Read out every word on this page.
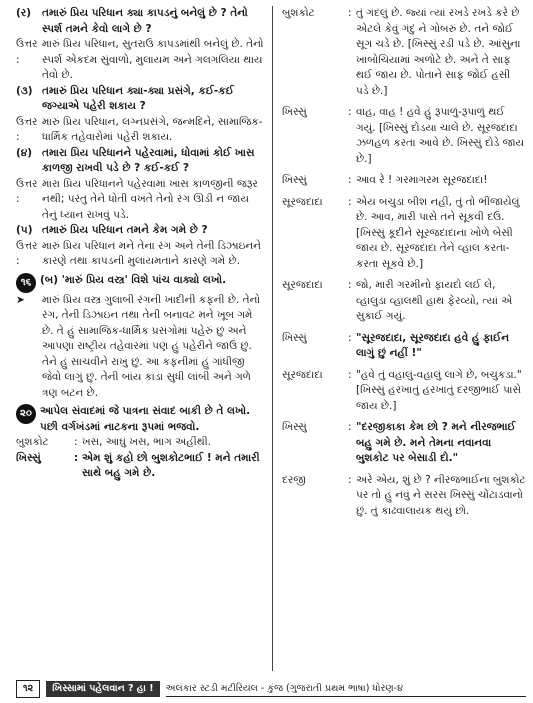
(ર)	તમારું પ્રિય પરિધાન ક્યા કાપડનું બનેલું છે ? તેનો સ્પર્શ તમને કેવો લાગે છે ?
ઉત્તર :
મારું પ્રિય પરિધાન, સુતરાઉ કાપડમાંથી બનેલું છે. તેનો સ્પર્શ એકદમ સુંવાળો, મુલાયમ અને ગલગલિયા થાય તેવો છે.
(૩) તમારું પ્રિય પરિધાન ક્યા-ક્યા પ્રસંગે, કઈ-કઈ જગ્યાએ પહેરી શકાય ?
ઉત્તર :
મારું પ્રિય પરિધાન, લગ્નપ્રસંગે, જન્મદિને, સામાજિક-ધાર્મિક તહેવારોમાં પહેરી શકાય.
(૪) તમારા પ્રિય પરિધાનને પહેરવામાં, ધોવામાં કોઈ ખાસ કાળજી રાખવી પડે છે ? કઈ-કઈ ?
ઉત્તર :
મારા પ્રિય પરિધાનને પહેરવામાં ખાસ કાળજીની જરૂર નથી; પરંતુ તેને ધોતી વખતે તેનો રંગ ઊડી ન જાય તેનું ધ્યાન રાખવું પડે.
(૫) તમારું પ્રિય પરિધાન તમને કેમ ગમે છે ?
ઉત્તર :
મારું પ્રિય પરિધાન મને તેના રંગ અને તેની ડિઝાઇનને કારણે તથા કાપડની મુલાયમતાને કારણે ગમે છે.
૧૬ (બ) 'મારું પ્રિય વસ્ત્ર' વિશે પાંચ વાક્યો લખો.
➤	મારું પ્રિય વસ્ત્ર ગુલાબી રંગની ખાદીની કફની છે. તેનો રંગ, તેની ડિઝાઇન તથા તેની બનાવટ મને ખૂબ ગમે છે. તે હું સામાજિક-ધાર્મિક પ્રસંગોમાં પહેરું છું અને આપણા રાષ્ટ્રીય તહેવારમાં પણ હું પહેરીને જાઉં છું. તેને હું સાચવીને રાખું છું. આ કફનીમાં હું ગાંધીજી જેવો લાગું છું. તેની બાંય કાંડા સુધી લાંબી અને ગળે ત્રણ બટન છે.
૨૦ આપેલ સંવાદમાં જે પાત્રના સંવાદ બાકી છે તે લખો. પછી વર્ગખંડમાં નાટકના રૂપમાં ભજવો.
બુશકોટ	: ખસ, આઘું ખસ, ભાગ અહીંથી.
ખિસ્સું	: એમ શું કહો છો બુશકોટભાઈ ! મને તમારી સાથે બહુ ગમે છે.
બુશકોટ	: તું ગંદલું છે. જ્યાં ત્યાં રખડે રખડે કરે છે એટલે કેવું ગંદું ને ગોબરું છે. તને જોઈ સૂગ ચડે છે. [ખિસ્સું રડી પડે છે. આંસુના ખાબોચિયામાં અળોટે છે. અને તે સાફ થઈ જાય છે. પોતાને સાફ જોઈ હસી પડે છે.]
ખિસ્સું	: વાહ, વાહ ! હવે હું રૂપાળું-રૂપાળું થઈ ગયું. [ખિસ્સું દોડયા ચાલે છે. સૂરજદાદા ઝળહળ કરતા આવે છે. ખિસ્સું દોડે જાય છે.]
ખિસ્સું	: આવ રે ! ગરમાગરમ સૂરજદાદા!
સૂરજદાદા	: એય બચુડા બીશ નહીં, તું તો ભીંજાયેલું છે. આવ, મારી પાસે તને સૂકવી દઉં. [ખિસ્સું કૂદીને સૂરજદાદાના ખોળે બેસી જાય છે. સૂરજદાદા તેને વ્હાલ કરતા-કરતા સૂકવે છે.]
સૂરજદાદા	: જો, મારી ગરમીનો ફાયદો લઈ લે, વ્હાલુડા વ્હાલથી હાથ ફેરવ્યો, ત્યાં એ સુકાઈ ગયું.
ખિસ્સું	: "સૂરજદાદા, સૂરજદાદા હવે હું ફાઈન લાગું છું નહીં !"
સૂરજદાદા	: "હવે તું વહાલું-વહાલું લાગે છે, બચુકડા." [ખિસ્સું હરખાતું હરખાતું દરજીભાઈ પાસે જાય છે.]
ખિસ્સું	: "દરજીકાકા કેમ છો ? મને નીરજભાઈ બહુ ગમે છે. મને તેમના નવાનવા બુશકોટ પર બેસાડી દો."
દરજી	: અરે એય, શું છે ? નીરજભાઈના બુશકોટ પર તો હું નવું ને સરસ ખિસ્સું ચોંટાડવાનો છું. તું કાઢવાલાયક થયું છો.
૧૨	ખિસ્સામાં પહેલવાન ? હા !	અલંકાર સ્ટડી મટીરિયલ - કુંજ (ગુજરાતી પ્રથમ ભાષા) ધોરણ-૪
